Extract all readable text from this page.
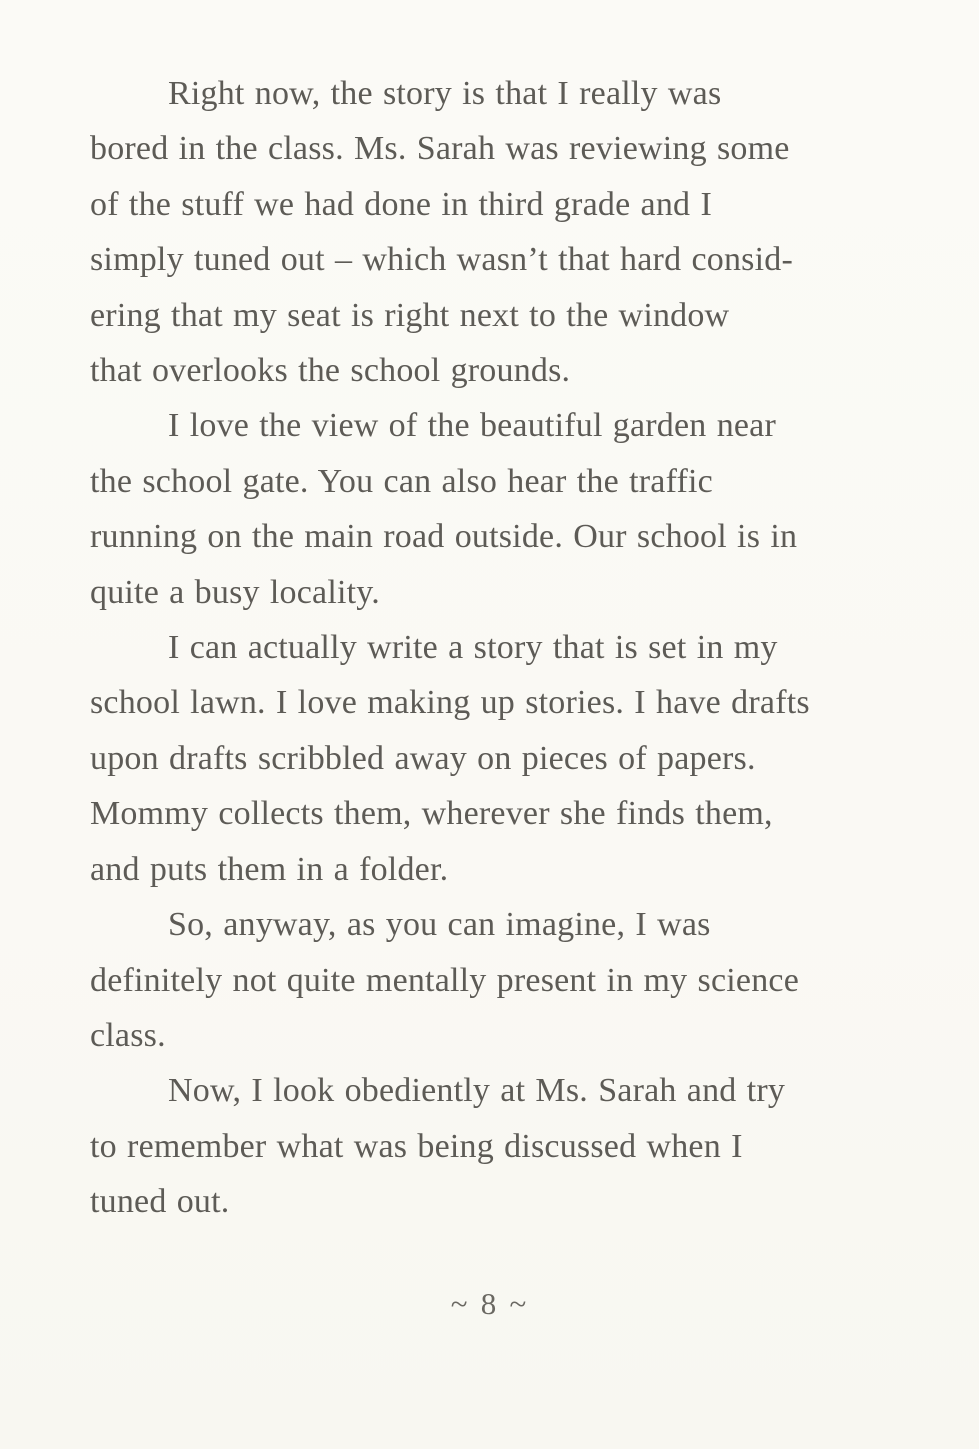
Right now, the story is that I really was
bored in the class. Ms. Sarah was reviewing some
of the stuff we had done in third grade and I
simply tuned out – which wasn’t that hard consid-
ering that my seat is right next to the window
that overlooks the school grounds.

I love the view of the beautiful garden near
the school gate. You can also hear the traffic
running on the main road outside. Our school is in
quite a busy locality.

I can actually write a story that is set in my
school lawn. I love making up stories. I have drafts
upon drafts scribbled away on pieces of papers.
Mommy collects them, wherever she finds them,
and puts them in a folder.

So, anyway, as you can imagine, I was
definitely not quite mentally present in my science
class.

Now, I look obediently at Ms. Sarah and try
to remember what was being discussed when I
tuned out.

~ 8 ~
